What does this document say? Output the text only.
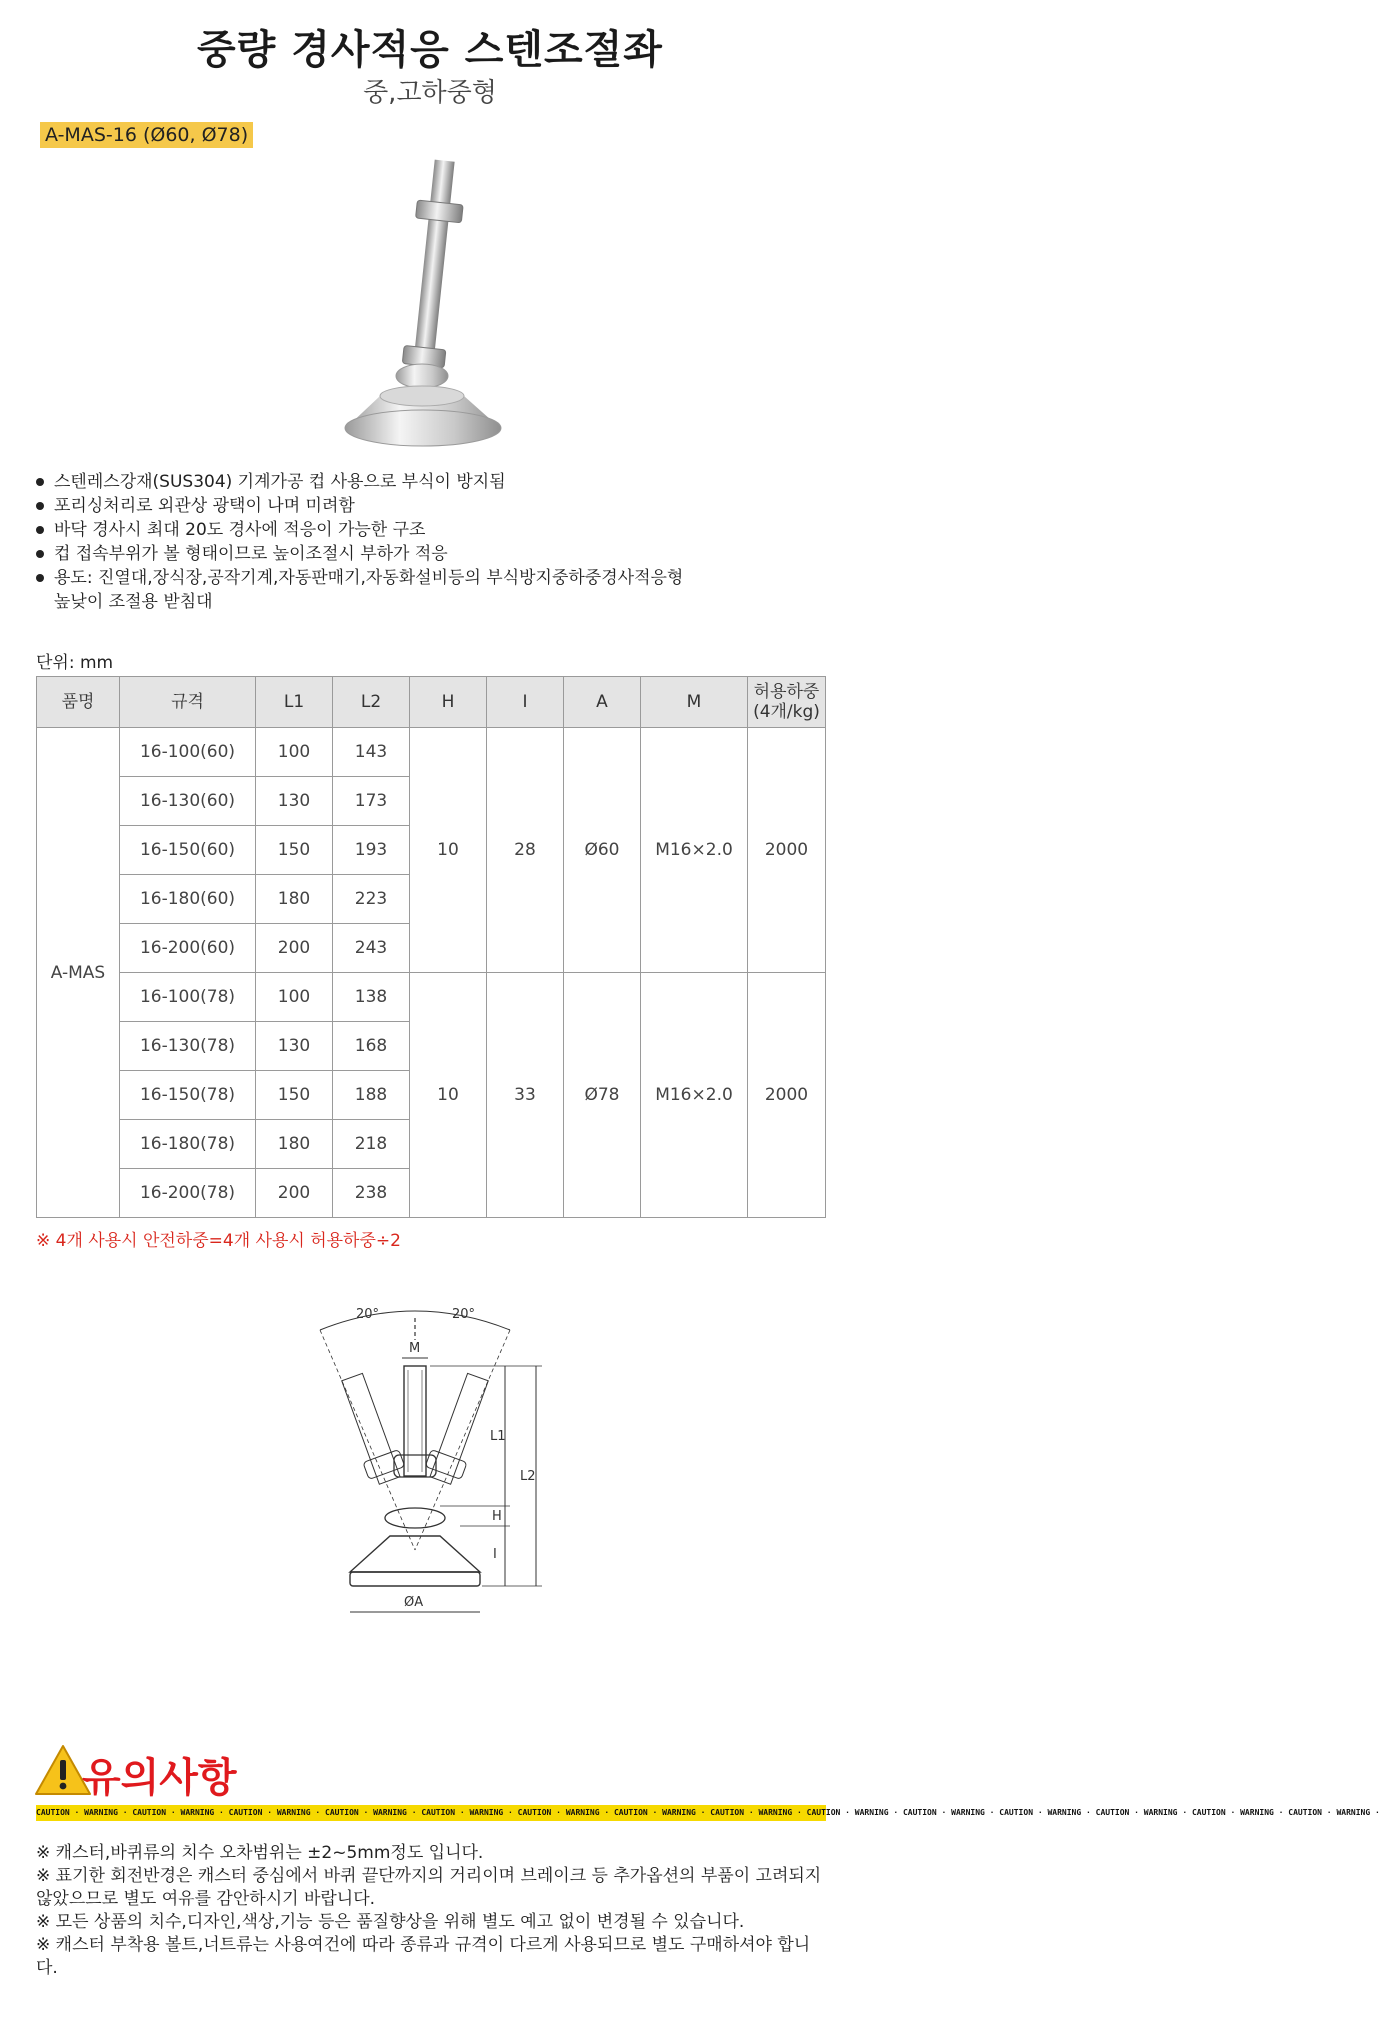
중량 경사적응 스텐조절좌
중,고하중형
A-MAS-16 (Ø60, Ø78)
스텐레스강재(SUS304) 기계가공 컵 사용으로 부식이 방지됨
포리싱처리로 외관상 광택이 나며 미려함
바닥 경사시 최대 20도 경사에 적응이 가능한 구조
컵 접속부위가 볼 형태이므로 높이조절시 부하가 적응
용도: 진열대,장식장,공작기계,자동판매기,자동화설비등의 부식방지중하중경사적응형
높낮이 조절용 받침대
단위: mm
품명	규격	L1	L2	H	I	A	M	허용하중
(4개/kg)
A-MAS	16-100(60)	100	143	10	28	Ø60	M16×2.0	2000
	16-130(60)	130	173					
	16-150(60)	150	193					
	16-180(60)	180	223					
	16-200(60)	200	243					
	16-100(78)	100	138	10	33	Ø78	M16×2.0	2000
	16-130(78)	130	168					
	16-150(78)	150	188					
	16-180(78)	180	218					
	16-200(78)	200	238					
※ 4개 사용시 안전하중=4개 사용시 허용하중÷2
20°	20°
M
ØA
L1
L2
H
I
유의사항
CAUTION · WARNING · CAUTION · WARNING · CAUTION · WARNING · CAUTION · WARNING · CAUTION · WARNING · CAUTION · WARNING · CAUTION · WARNING · CAUTION · WARNING · CAUTION · WARNING · CAUTION · WARNING · CAUTION · WARNING · CAUTION · WARNING · CAUTION · WARNING · CAUTION · WARNING ·

※ 캐스터,바퀴류의 치수 오차범위는 ±2~5mm정도 입니다.

※ 표기한 회전반경은 캐스터 중심에서 바퀴 끝단까지의 거리이며 브레이크 등 추가옵션의 부품이 고려되지 않았으므로 별도 여유를 감안하시기 바랍니다.

※ 모든 상품의 치수,디자인,색상,기능 등은 품질향상을 위해 별도 예고 없이 변경될 수 있습니다.

※ 캐스터 부착용 볼트,너트류는 사용여건에 따라 종류과 규격이 다르게 사용되므로 별도 구매하셔야 합니다.
